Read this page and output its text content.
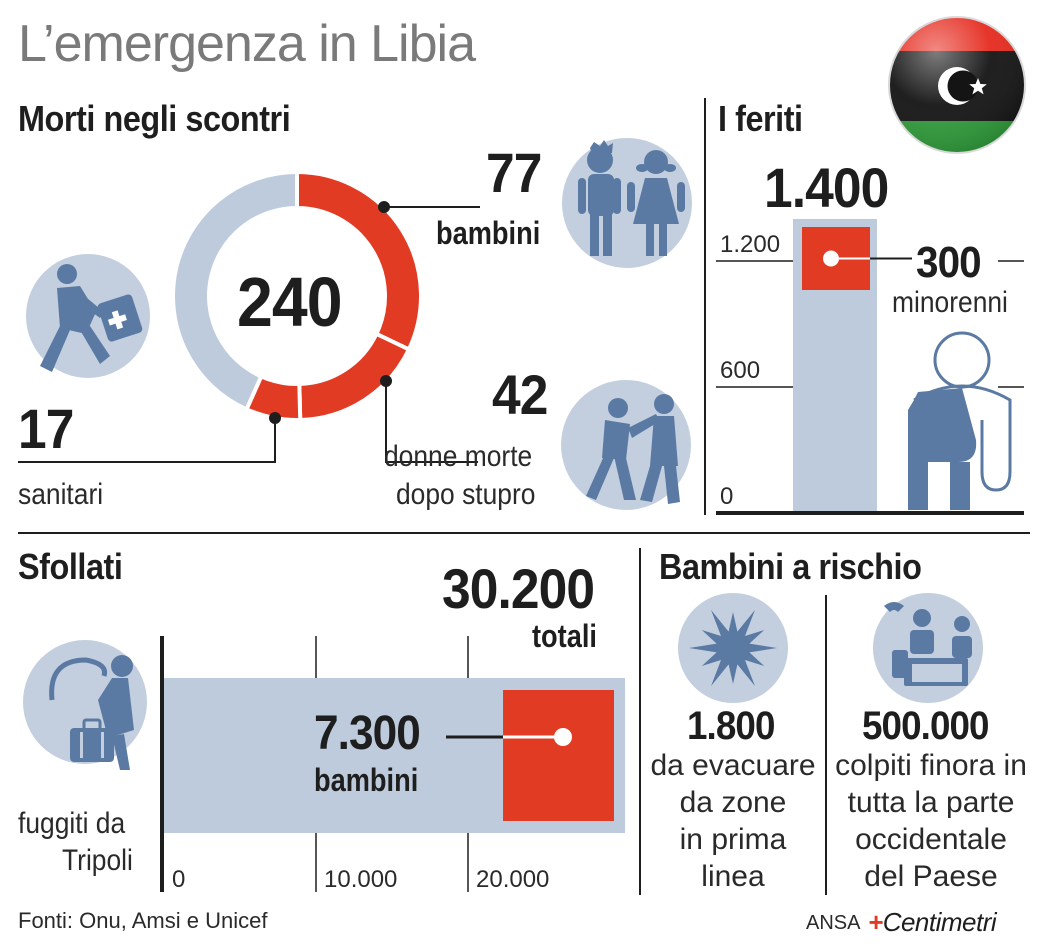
L’emergenza in Libia
Morti negli scontri
240
77
bambini
42
donne morte
dopo stupro
17
sanitari
I feriti
1.400
1.200
600
0
300
minorenni
Sfollati	30.200
totali
0	10.000	20.000
7.300
bambini
fuggiti da
Tripoli
Bambini a rischio
1.800
da evacuare
da zone
in prima
linea
500.000
colpiti finora in
tutta la parte
occidentale
del Paese
Fonti: Onu, Amsi e Unicef	ANSA +Centimetri
